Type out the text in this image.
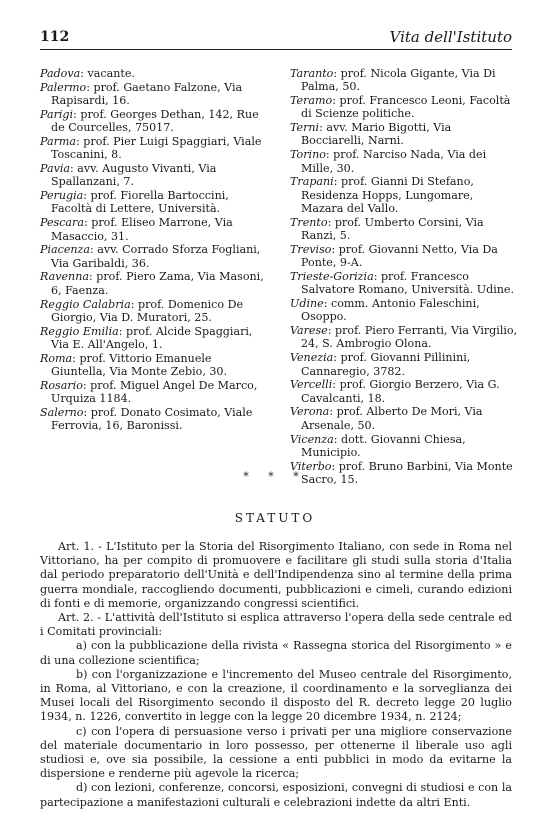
112	Vita dell'Istituto
Padova: vacante.
Palermo: prof. Gaetano Falzone, Via Rapisardi, 16.
Parigi: prof. Georges Dethan, 142, Rue de Courcelles, 75017.
Parma: prof. Pier Luigi Spaggiari, Viale Toscanini, 8.
Pavia: avv. Augusto Vivanti, Via Spallanzani, 7.
Perugia: prof. Fiorella Bartoccini, Facoltà di Lettere, Università.
Pescara: prof. Eliseo Marrone, Via Masaccio, 31.
Piacenza: avv. Corrado Sforza Fogliani, Via Garibaldi, 36.
Ravenna: prof. Piero Zama, Via Masoni, 6, Faenza.
Reggio Calabria: prof. Domenico De Giorgio, Via D. Muratori, 25.
Reggio Emilia: prof. Alcide Spaggiari, Via E. All'Angelo, 1.
Roma: prof. Vittorio Emanuele Giuntella, Via Monte Zebio, 30.
Rosario: prof. Miguel Angel De Marco, Urquiza 1184.
Salerno: prof. Donato Cosimato, Viale Ferrovia, 16, Baronissi.
Taranto: prof. Nicola Gigante, Via Di Palma, 50.
Teramo: prof. Francesco Leoni, Facoltà di Scienze politiche.
Terni: avv. Mario Bigotti, Via Bocciarelli, Narni.
Torino: prof. Narciso Nada, Via dei Mille, 30.
Trapani: prof. Gianni Di Stefano, Residenza Hopps, Lungomare, Mazara del Vallo.
Trento: prof. Umberto Corsini, Via Ranzi, 5.
Treviso: prof. Giovanni Netto, Via Da Ponte, 9-A.
Trieste-Gorizia: prof. Francesco Salvatore Romano, Università. Udine.
Udine: comm. Antonio Faleschini, Osoppo.
Varese: prof. Piero Ferranti, Via Virgilio, 24, S. Ambrogio Olona.
Venezia: prof. Giovanni Pillinini, Cannaregio, 3782.
Vercelli: prof. Giorgio Berzero, Via G. Cavalcanti, 18.
Verona: prof. Alberto De Mori, Via Arsenale, 50.
Vicenza: dott. Giovanni Chiesa, Municipio.
Viterbo: prof. Bruno Barbini, Via Monte Sacro, 15.
* * *
STATUTO

Art. 1. - L'Istituto per la Storia del Risorgimento Italiano, con sede in Roma nel Vittoriano, ha per compito di promuovere e facilitare gli studi sulla storia d'Italia dal periodo preparatorio dell'Unità e dell'Indipendenza sino al termine della prima guerra mondiale, raccogliendo documenti, pubblicazioni e cimeli, curando edizioni di fonti e di memorie, organizzando congressi scientifici.

Art. 2. - L'attività dell'Istituto si esplica attraverso l'opera della sede centrale ed i Comitati provinciali:

a) con la pubblicazione della rivista « Rassegna storica del Risorgimento » e di una collezione scientifica;

b) con l'organizzazione e l'incremento del Museo centrale del Risorgimento, in Roma, al Vittoriano, e con la creazione, il coordinamento e la sorveglianza dei Musei locali del Risorgimento secondo il disposto del R. decreto legge 20 luglio 1934, n. 1226, convertito in legge con la legge 20 dicembre 1934, n. 2124;

c) con l'opera di persuasione verso i privati per una migliore conservazione del materiale documentario in loro possesso, per ottenerne il liberale uso agli studiosi e, ove sia possibile, la cessione a enti pubblici in modo da evitarne la dispersione e renderne più agevole la ricerca;

d) con lezioni, conferenze, concorsi, esposizioni, convegni di studiosi e con la partecipazione a manifestazioni culturali e celebrazioni indette da altri Enti.
